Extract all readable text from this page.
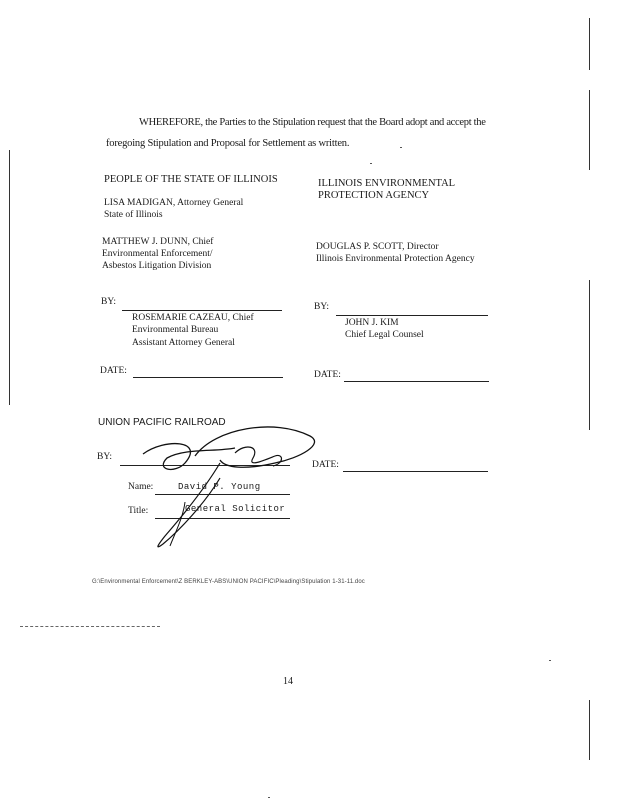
WHEREFORE, the Parties to the Stipulation request that the Board adopt and accept the
foregoing Stipulation and Proposal for Settlement as written.
PEOPLE OF THE STATE OF ILLINOIS
LISA MADIGAN, Attorney General
State of Illinois
MATTHEW J. DUNN, Chief
Environmental Enforcement/
Asbestos Litigation Division
BY:
ROSEMARIE CAZEAU, Chief
Environmental Bureau
Assistant Attorney General
DATE:
ILLINOIS ENVIRONMENTAL
PROTECTION AGENCY
DOUGLAS P. SCOTT, Director
Illinois Environmental Protection Agency
BY:
JOHN J. KIM
Chief Legal Counsel
DATE:
UNION PACIFIC RAILROAD
BY:
DATE:
Name:	David P. Young
Title:	General Solicitor
G:\Environmental Enforcement\Z BERKLEY-ABS\UNION PACIFIC\Pleading\Stipulation 1-31-11.doc
14
